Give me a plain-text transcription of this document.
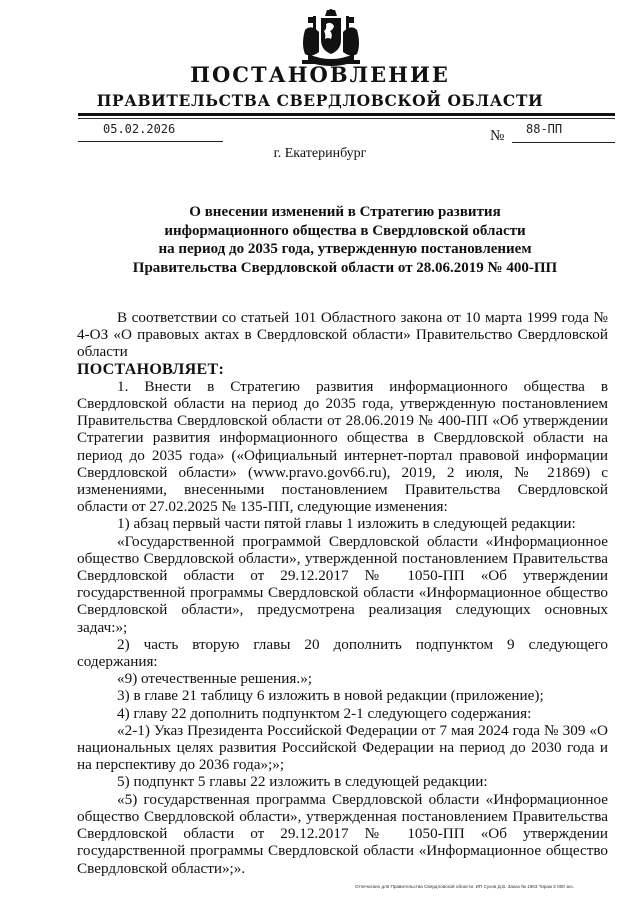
ПОСТАНОВЛЕНИЕ
ПРАВИТЕЛЬСТВА СВЕРДЛОВСКОЙ ОБЛАСТИ
05.02.2026	№ 88-ПП
г. Екатеринбург
О внесении изменений в Стратегию развития
информационного общества в Свердловской области
на период до 2035 года, утвержденную постановлением
Правительства Свердловской области от 28.06.2019 № 400-ПП

В соответствии со статьей 101 Областного закона от 10 марта 1999 года № 4-ОЗ «О правовых актах в Свердловской области» Правительство Свердловской области

ПОСТАНОВЛЯЕТ:

1. Внести в Стратегию развития информационного общества в Свердловской области на период до 2035 года, утвержденную постановлением Правительства Свердловской области от 28.06.2019 № 400-ПП «Об утверждении Стратегии развития информационного общества в Свердловской области на период до 2035 года» («Официальный интернет-портал правовой информации Свердловской области» (www.pravo.gov66.ru), 2019, 2 июля, № 21869) с изменениями, внесенными постановлением Правительства Свердловской области от 27.02.2025 № 135-ПП, следующие изменения:

1) абзац первый части пятой главы 1 изложить в следующей редакции:

«Государственной программой Свердловской области «Информационное общество Свердловской области», утвержденной постановлением Правительства Свердловской области от 29.12.2017 № 1050-ПП «Об утверждении государственной программы Свердловской области «Информационное общество Свердловской области», предусмотрена реализация следующих основных задач:»;

2) часть вторую главы 20 дополнить подпунктом 9 следующего содержания:

«9) отечественные решения.»;

3) в главе 21 таблицу 6 изложить в новой редакции (приложение);

4) главу 22 дополнить подпунктом 2-1 следующего содержания:

«2-1) Указ Президента Российской Федерации от 7 мая 2024 года № 309 «О национальных целях развития Российской Федерации на период до 2030 года и на перспективу до 2036 года»;»;

5) подпункт 5 главы 22 изложить в следующей редакции:

«5) государственная программа Свердловской области «Информационное общество Свердловской области», утвержденная постановлением Правительства Свердловской области от 29.12.2017 № 1050-ПП «Об утверждении государственной программы Свердловской области «Информационное общество Свердловской области»;».

Отпечатано для Правительства Свердловской области. ИП Сухов Д.В. Заказ № 1963 Тираж 2 000 экз.
